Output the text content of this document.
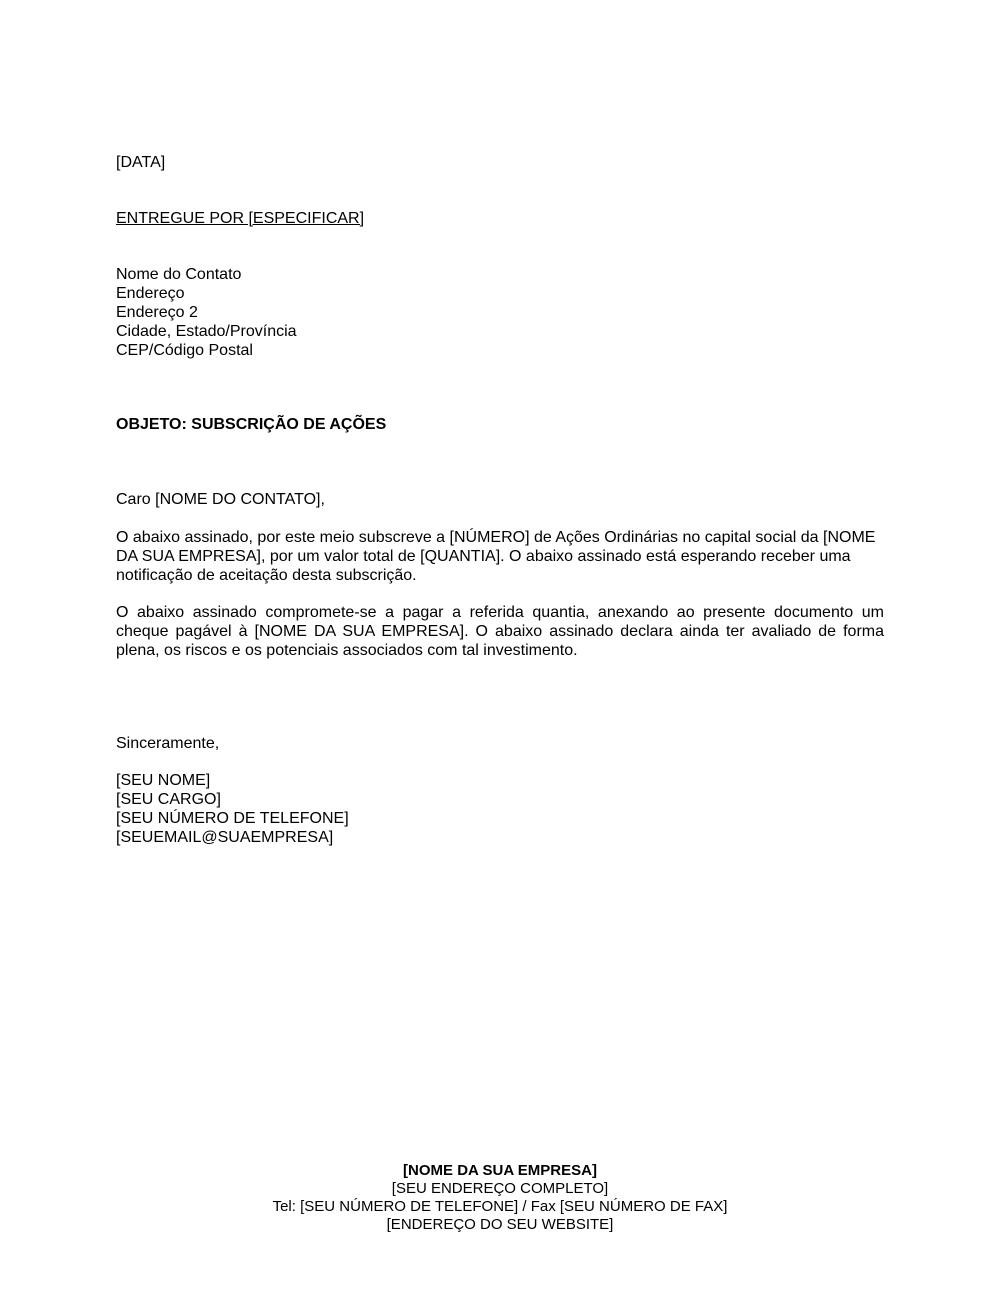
[DATA]
ENTREGUE POR [ESPECIFICAR]
Nome do Contato
Endereço
Endereço 2
Cidade, Estado/Província
CEP/Código Postal
OBJETO: SUBSCRIÇÃO DE AÇÕES
Caro [NOME DO CONTATO],

O abaixo assinado, por este meio subscreve a [NÚMERO] de Ações Ordinárias no capital social da [NOME DA SUA EMPRESA], por um valor total de [QUANTIA]. O abaixo assinado está esperando receber uma notificação de aceitação desta subscrição.

O abaixo assinado compromete-se a pagar a referida quantia, anexando ao presente documento um cheque pagável à [NOME DA SUA EMPRESA]. O abaixo assinado declara ainda ter avaliado de forma plena, os riscos e os potenciais associados com tal investimento.

Sinceramente,
[SEU NOME]
[SEU CARGO]
[SEU NÚMERO DE TELEFONE]
[SEUEMAIL@SUAEMPRESA]
[NOME DA SUA EMPRESA]
[SEU ENDEREÇO COMPLETO]
Tel: [SEU NÚMERO DE TELEFONE] / Fax [SEU NÚMERO DE FAX]
[ENDEREÇO DO SEU WEBSITE]
